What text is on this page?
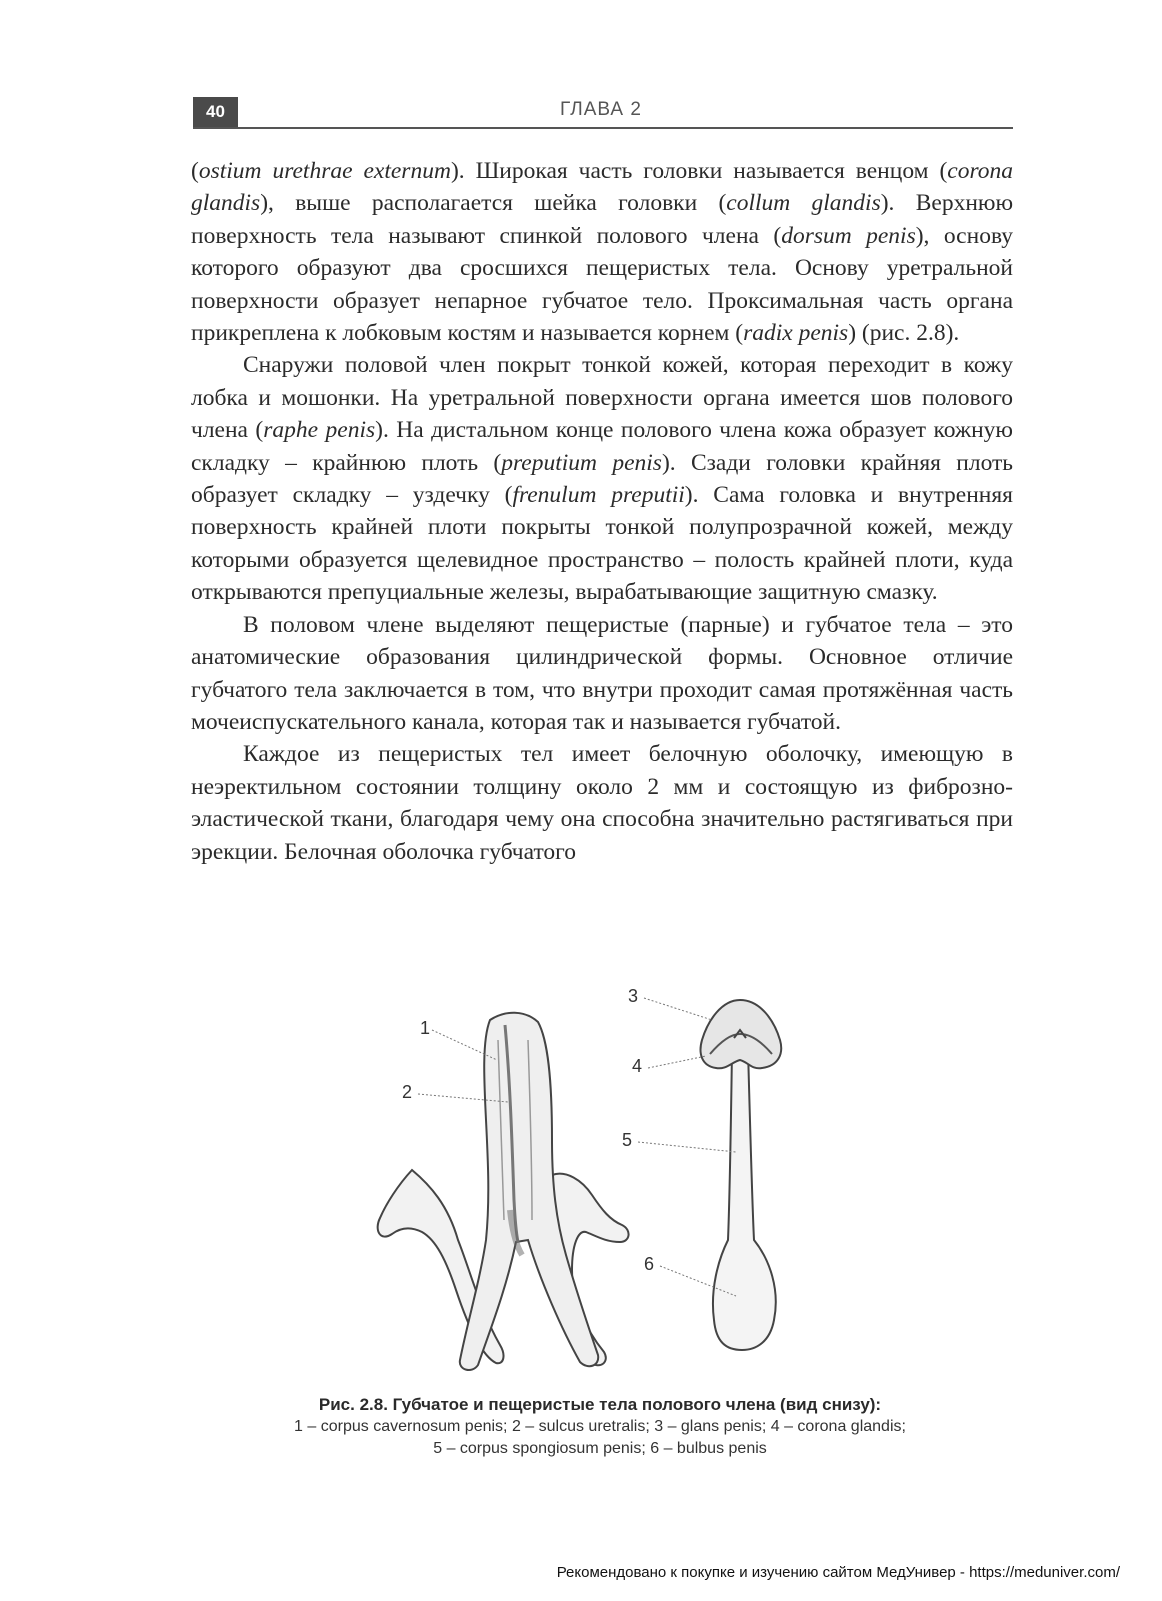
40	ГЛАВА 2

(ostium urethrae externum). Широкая часть головки называется венцом (corona glandis), выше располагается шейка головки (collum glandis). Верхнюю поверхность тела называют спинкой полового члена (dorsum penis), основу которого образуют два сросшихся пещеристых тела. Основу уретральной поверхности образует непарное губчатое тело. Проксимальная часть органа прикреплена к лобковым костям и называется корнем (radix penis) (рис. 2.8).

Снаружи половой член покрыт тонкой кожей, которая переходит в кожу лобка и мошонки. На уретральной поверхности органа имеется шов полового члена (raphe penis). На дистальном конце полового члена кожа образует кожную складку – крайнюю плоть (preputium penis). Сзади головки крайняя плоть образует складку – уздечку (frenulum preputii). Сама головка и внутренняя поверхность крайней плоти покрыты тонкой полупрозрачной кожей, между которыми образуется щелевидное пространство – полость крайней плоти, куда открываются препуциальные железы, вырабатывающие защитную смазку.

В половом члене выделяют пещеристые (парные) и губчатое тела – это анатомические образования цилиндрической формы. Основное отличие губчатого тела заключается в том, что внутри проходит самая протяжённая часть мочеиспускательного канала, которая так и называется губчатой.

Каждое из пещеристых тел имеет белочную оболочку, имеющую в неэректильном состоянии толщину около 2 мм и состоящую из фиброзно-эластической ткани, благодаря чему она способна значительно растягиваться при эрекции. Белочная оболочка губчатого

1
2
3
4
5
6
Рис. 2.8. Губчатое и пещеристые тела полового члена (вид снизу):
1 – corpus cavernosum penis; 2 – sulcus uretralis; 3 – glans penis; 4 – corona glandis;
5 – corpus spongiosum penis; 6 – bulbus penis
Рекомендовано к покупке и изучению сайтом МедУнивер - https://meduniver.com/
